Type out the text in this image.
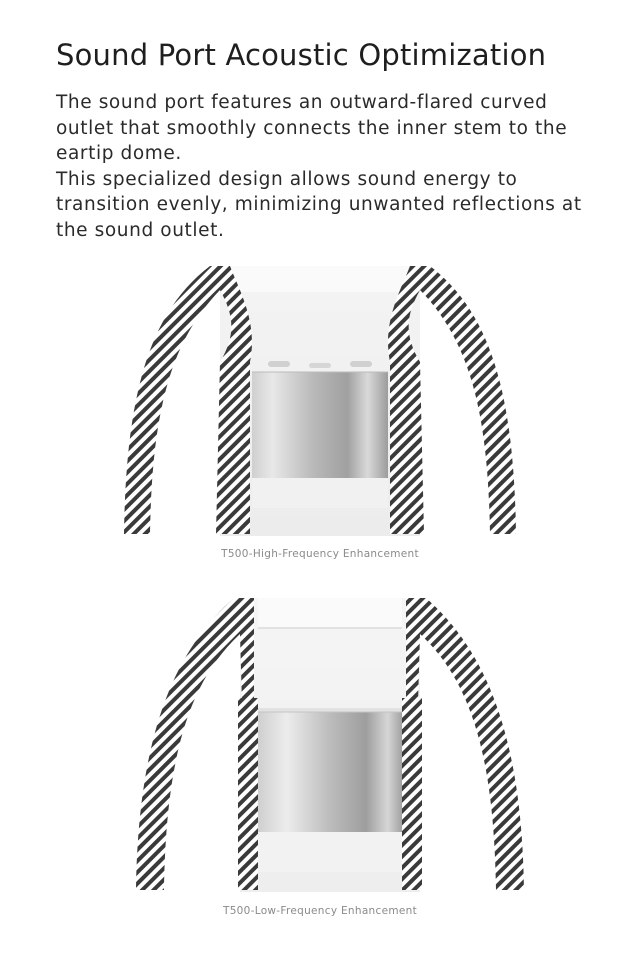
Sound Port Acoustic Optimization

The sound port features an outward-flared curved outlet that smoothly connects the inner stem to the eartip dome.

This specialized design allows sound energy to transition evenly, minimizing unwanted reflections at the sound outlet.

T500-High-Frequency Enhancement
T500-Low-Frequency Enhancement
